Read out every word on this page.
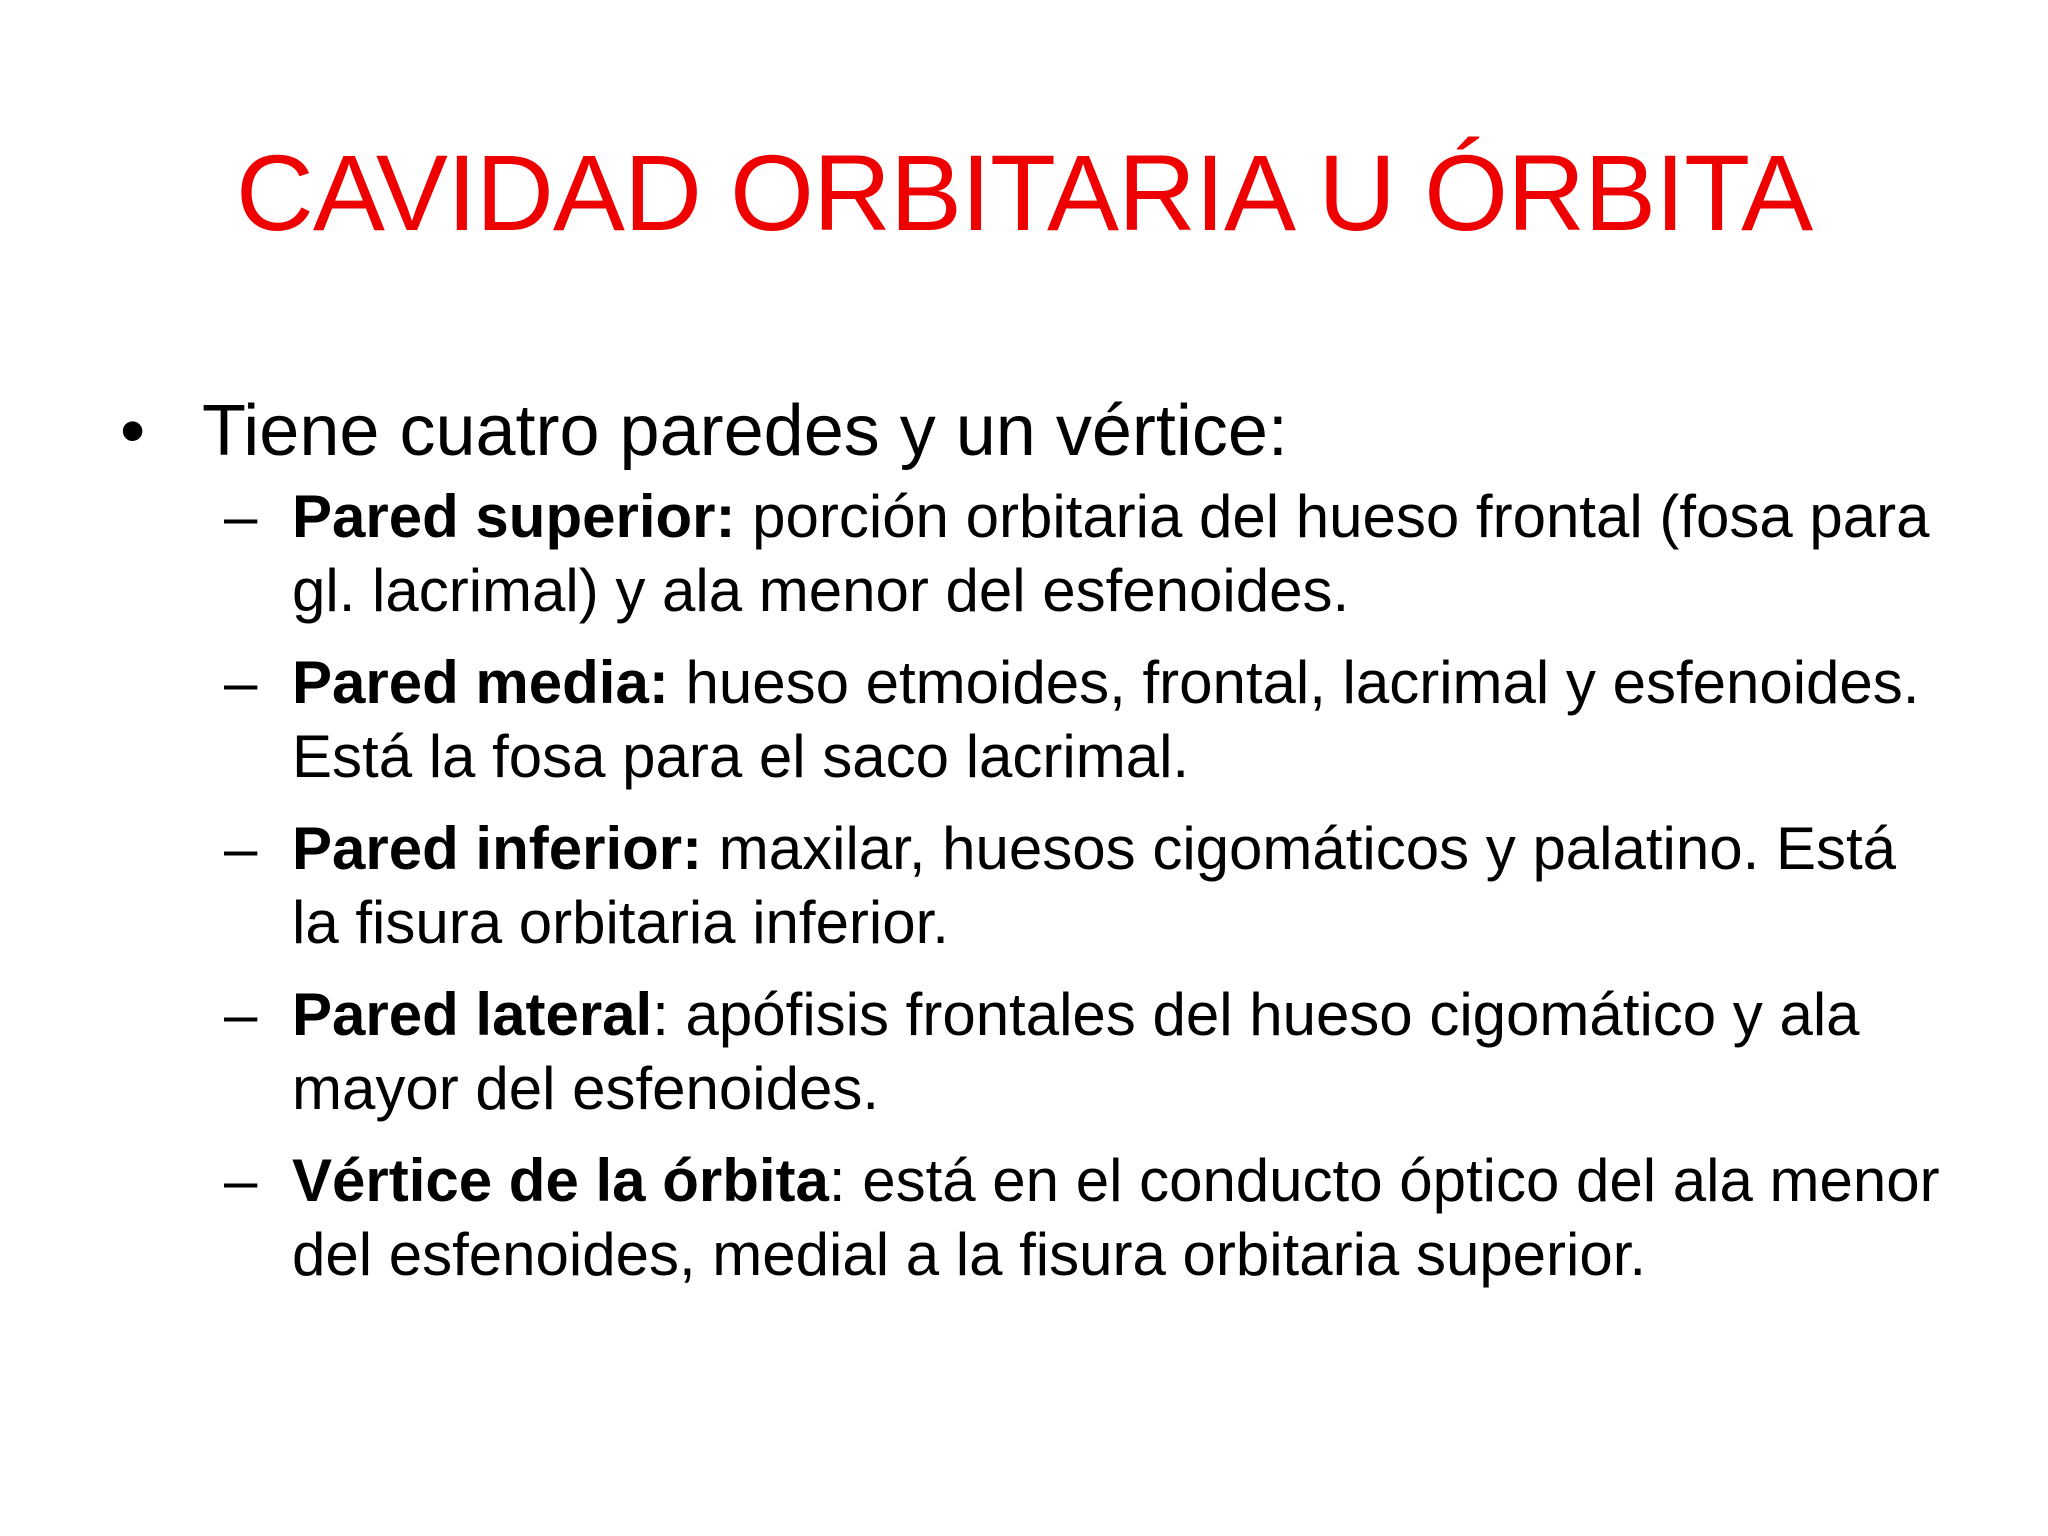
CAVIDAD ORBITARIA U ÓRBITA
• Tiene cuatro paredes y un vértice:
– Pared superior: porción orbitaria del hueso frontal (fosa para gl. lacrimal) y ala menor del esfenoides.
– Pared media: hueso etmoides, frontal, lacrimal y esfenoides. Está la fosa para el saco lacrimal.
– Pared inferior: maxilar, huesos cigomáticos y palatino. Está la fisura orbitaria inferior.
– Pared lateral: apófisis frontales del hueso cigomático y ala mayor del esfenoides.
– Vértice de la órbita: está en el conducto óptico del ala menor del esfenoides, medial a la fisura orbitaria superior.
